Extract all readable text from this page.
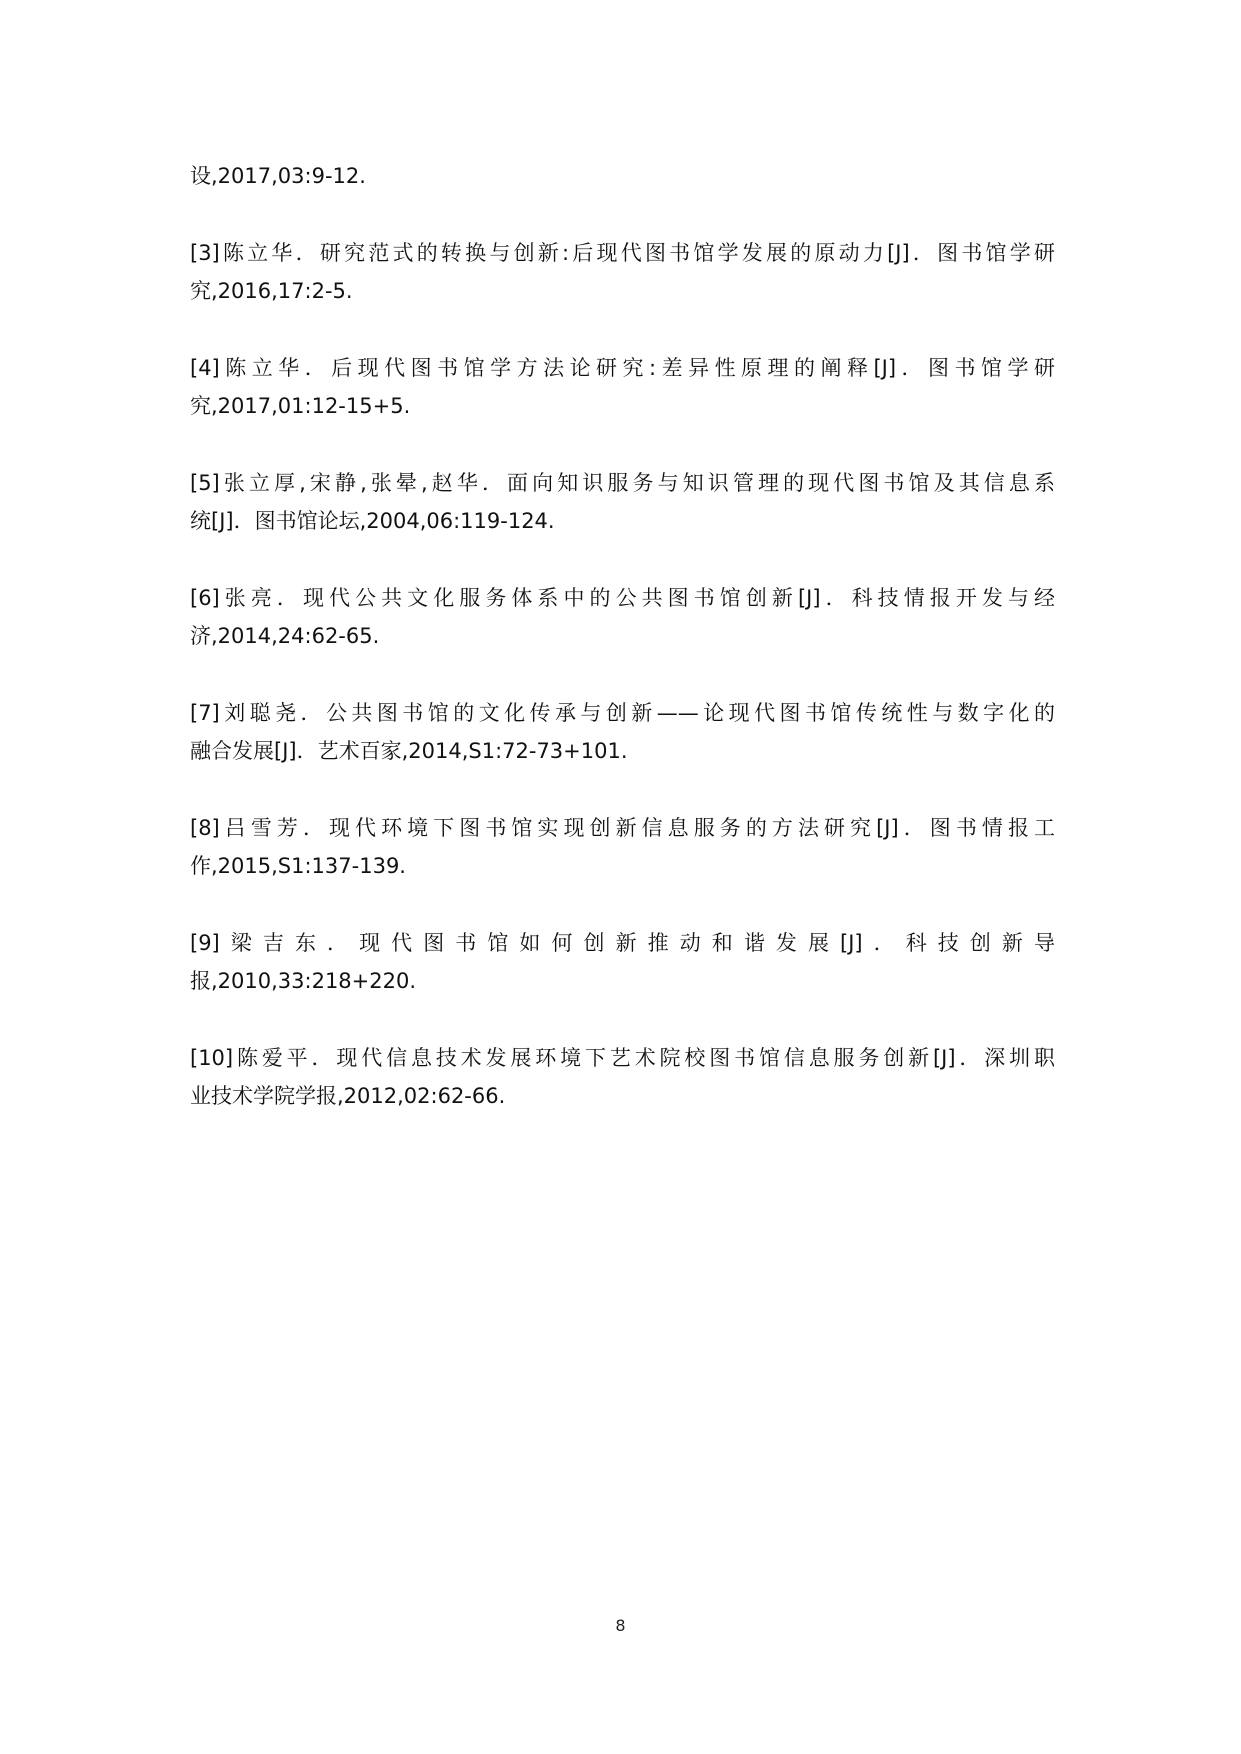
设,2017,03:9-12.
[3]陈立华．研究范式的转换与创新:后现代图书馆学发展的原动力[J]．图书馆学研
究,2016,17:2-5.
[4]陈立华．后现代图书馆学方法论研究:差异性原理的阐释[J]．图书馆学研
究,2017,01:12-15+5.
[5]张立厚,宋静,张晕,赵华．面向知识服务与知识管理的现代图书馆及其信息系
统[J]．图书馆论坛,2004,06:119-124.
[6]张亮．现代公共文化服务体系中的公共图书馆创新[J]．科技情报开发与经
济,2014,24:62-65.
[7]刘聪尧．公共图书馆的文化传承与创新——论现代图书馆传统性与数字化的
融合发展[J]．艺术百家,2014,S1:72-73+101.
[8]吕雪芳．现代环境下图书馆实现创新信息服务的方法研究[J]．图书情报工
作,2015,S1:137-139.
[9]梁吉东．现代图书馆如何创新推动和谐发展[J]．科技创新导
报,2010,33:218+220.
[10]陈爱平．现代信息技术发展环境下艺术院校图书馆信息服务创新[J]．深圳职
业技术学院学报,2012,02:62-66.
8
